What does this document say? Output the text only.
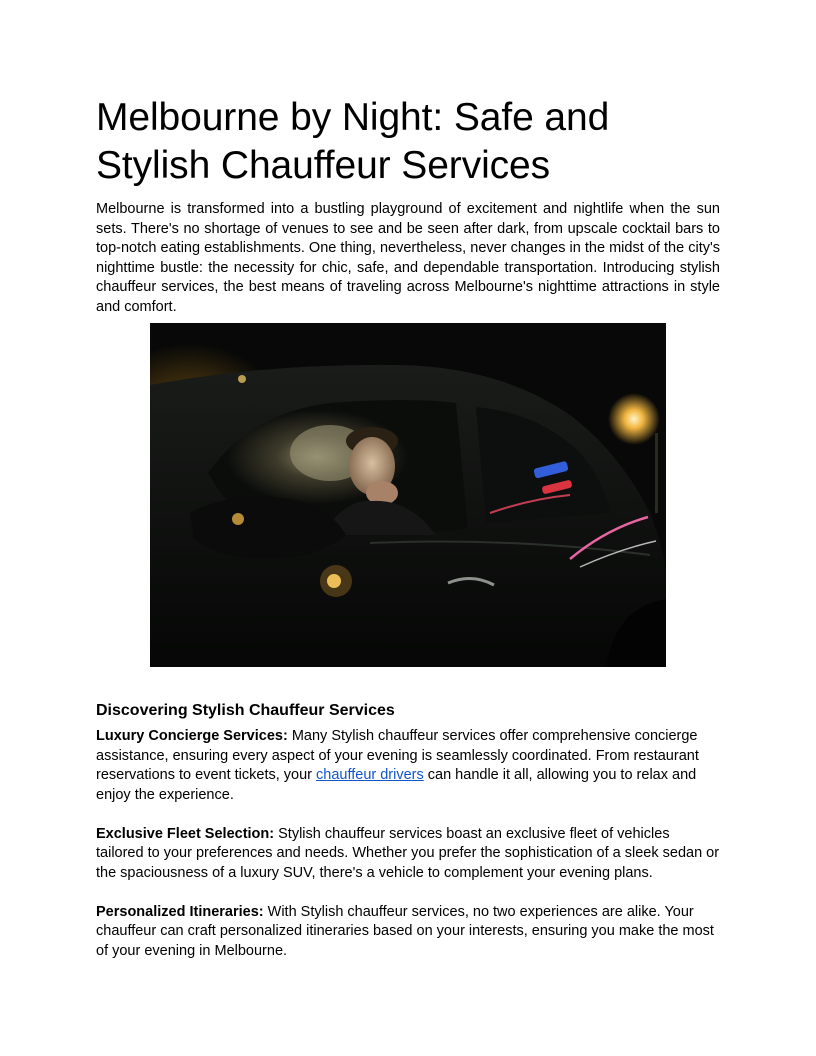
Melbourne by Night: Safe and Stylish Chauffeur Services

Melbourne is transformed into a bustling playground of excitement and nightlife when the sun sets. There's no shortage of venues to see and be seen after dark, from upscale cocktail bars to top-notch eating establishments. One thing, nevertheless, never changes in the midst of the city's nighttime bustle: the necessity for chic, safe, and dependable transportation. Introducing stylish chauffeur services, the best means of traveling across Melbourne's nighttime attractions in style and comfort.

Discovering Stylish Chauffeur Services

Luxury Concierge Services: Many Stylish chauffeur services offer comprehensive concierge assistance, ensuring every aspect of your evening is seamlessly coordinated. From restaurant reservations to event tickets, your chauffeur drivers can handle it all, allowing you to relax and enjoy the experience.

Exclusive Fleet Selection: Stylish chauffeur services boast an exclusive fleet of vehicles tailored to your preferences and needs. Whether you prefer the sophistication of a sleek sedan or the spaciousness of a luxury SUV, there's a vehicle to complement your evening plans.

Personalized Itineraries: With Stylish chauffeur services, no two experiences are alike. Your chauffeur can craft personalized itineraries based on your interests, ensuring you make the most of your evening in Melbourne.
